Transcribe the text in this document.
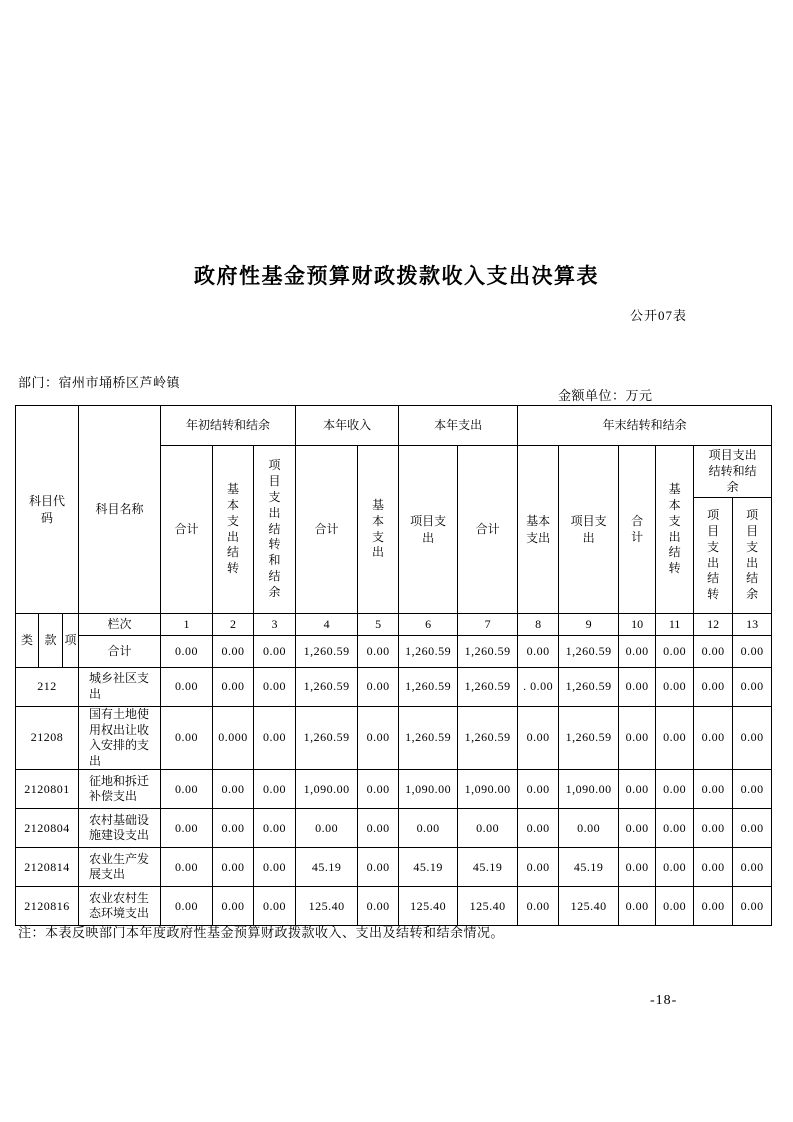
政府性基金预算财政拨款收入支出决算表
公开07表
部门：宿州市埇桥区芦岭镇
金额单位：万元
科目代码			科目名称	年初结转和结余			本年收入		本年支出		年末结转和结余					
				合计	基本支出结转	项目支出结转和结余	合计	基本支出	项目支出	合计	基本支出	项目支出	合计	基本支出结转	项目支出结转和结余	
															项目支出结转	项目支出结余
类	款	项	栏次	1	2	3	4	5	6	7	8	9	10	11	12	13
			合计	0.00	0.00	0.00	1,260.59	0.00	1,260.59	1,260.59	0.00	1,260.59	0.00	0.00	0.00	0.00
212			城乡社区支出	0.00	0.00	0.00	1,260.59	0.00	1,260.59	1,260.59	. 0.00	1,260.59	0.00	0.00	0.00	0.00
21208			国有土地使用权出让收入安排的支出	0.00	0.000	0.00	1,260.59	0.00	1,260.59	1,260.59	0.00	1,260.59	0.00	0.00	0.00	0.00
2120801			征地和拆迁补偿支出	0.00	0.00	0.00	1,090.00	0.00	1,090.00	1,090.00	0.00	1,090.00	0.00	0.00	0.00	0.00
2120804			农村基础设施建设支出	0.00	0.00	0.00	0.00	0.00	0.00	0.00	0.00	0.00	0.00	0.00	0.00	0.00
2120814			农业生产发展支出	0.00	0.00	0.00	45.19	0.00	45.19	45.19	0.00	45.19	0.00	0.00	0.00	0.00
2120816			农业农村生态环境支出	0.00	0.00	0.00	125.40	0.00	125.40	125.40	0.00	125.40	0.00	0.00	0.00	0.00
注：本表反映部门本年度政府性基金预算财政拨款收入、支出及结转和结余情况。
-18-
